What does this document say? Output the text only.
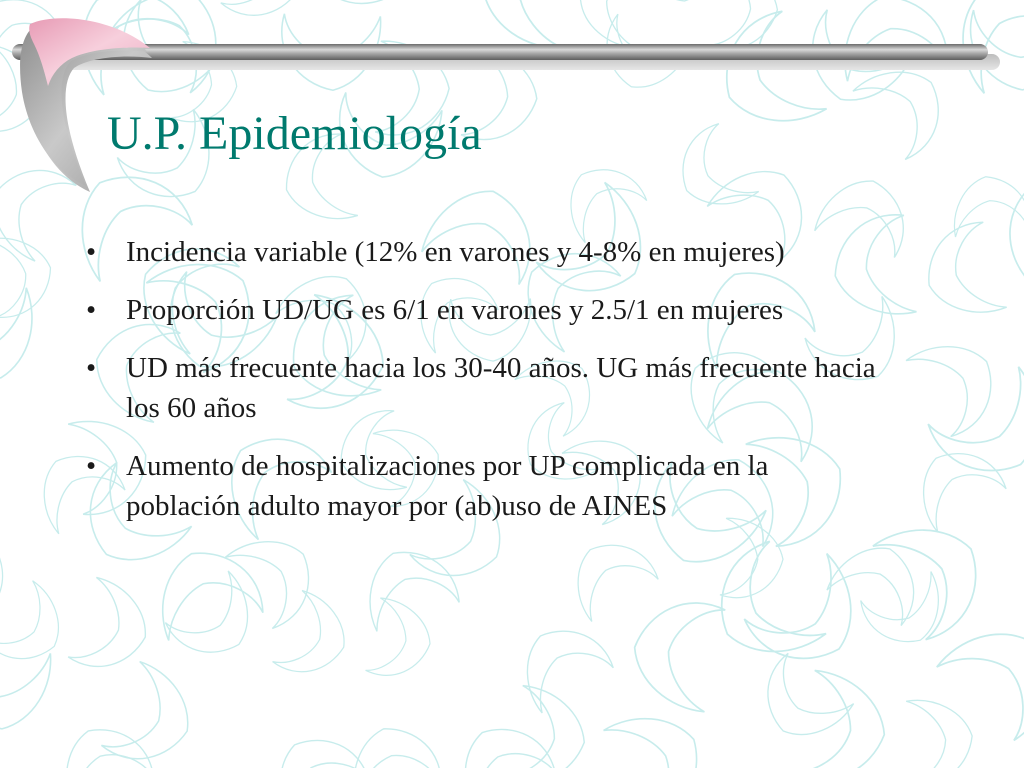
U.P. Epidemiología
•	Incidencia variable (12% en varones y 4-8% en mujeres)
•	Proporción UD/UG es 6/1 en varones y 2.5/1 en mujeres
•	UD más frecuente hacia los 30-40 años. UG más frecuente hacia los 60 años
•	Aumento de hospitalizaciones por UP complicada en la población adulto mayor por (ab)uso de AINES
